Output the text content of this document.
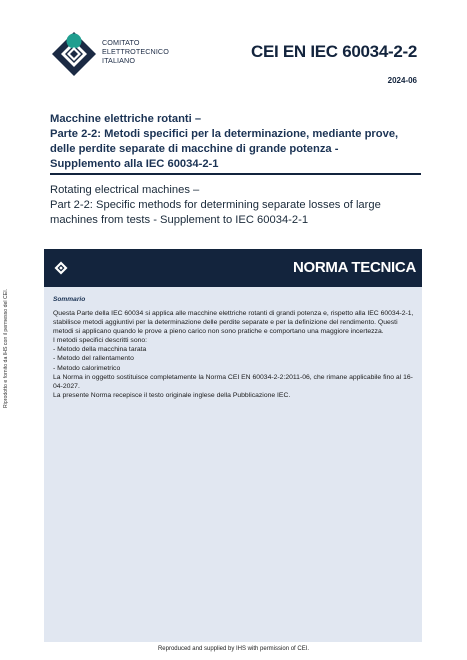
COMITATO
ELETTROTECNICO
ITALIANO	CEI EN IEC 60034-2-2
2024-06
Macchine elettriche rotanti –
Parte 2-2: Metodi specifici per la determinazione, mediante prove,
delle perdite separate di macchine di grande potenza -
Supplemento alla IEC 60034-2-1
Rotating electrical machines –
Part 2-2: Specific methods for determining separate losses of large
machines from tests - Supplement to IEC 60034-2-1
NORMA TECNICA
Sommario
Questa Parte della IEC 60034 si applica alle macchine elettriche rotanti di grandi potenza e, rispetto alla IEC 60034-2-1, stabilisce metodi aggiuntivi per la determinazione delle perdite separate e per la definizione del rendimento. Questi metodi si applicano quando le prove a pieno carico non sono pratiche e comportano una maggiore incertezza.
I metodi specifici descritti sono:
- Metodo della macchina tarata
- Metodo del rallentamento
- Metodo calorimetrico
La Norma in oggetto sostituisce completamente la Norma CEI EN 60034-2-2:2011-06, che rimane applicabile fino al 16-04-2027.
La presente Norma recepisce il testo originale inglese della Pubblicazione IEC.
Riprodotto e fornito da IHS con il permesso del CEI.
Reproduced and supplied by IHS with permission of CEI.
